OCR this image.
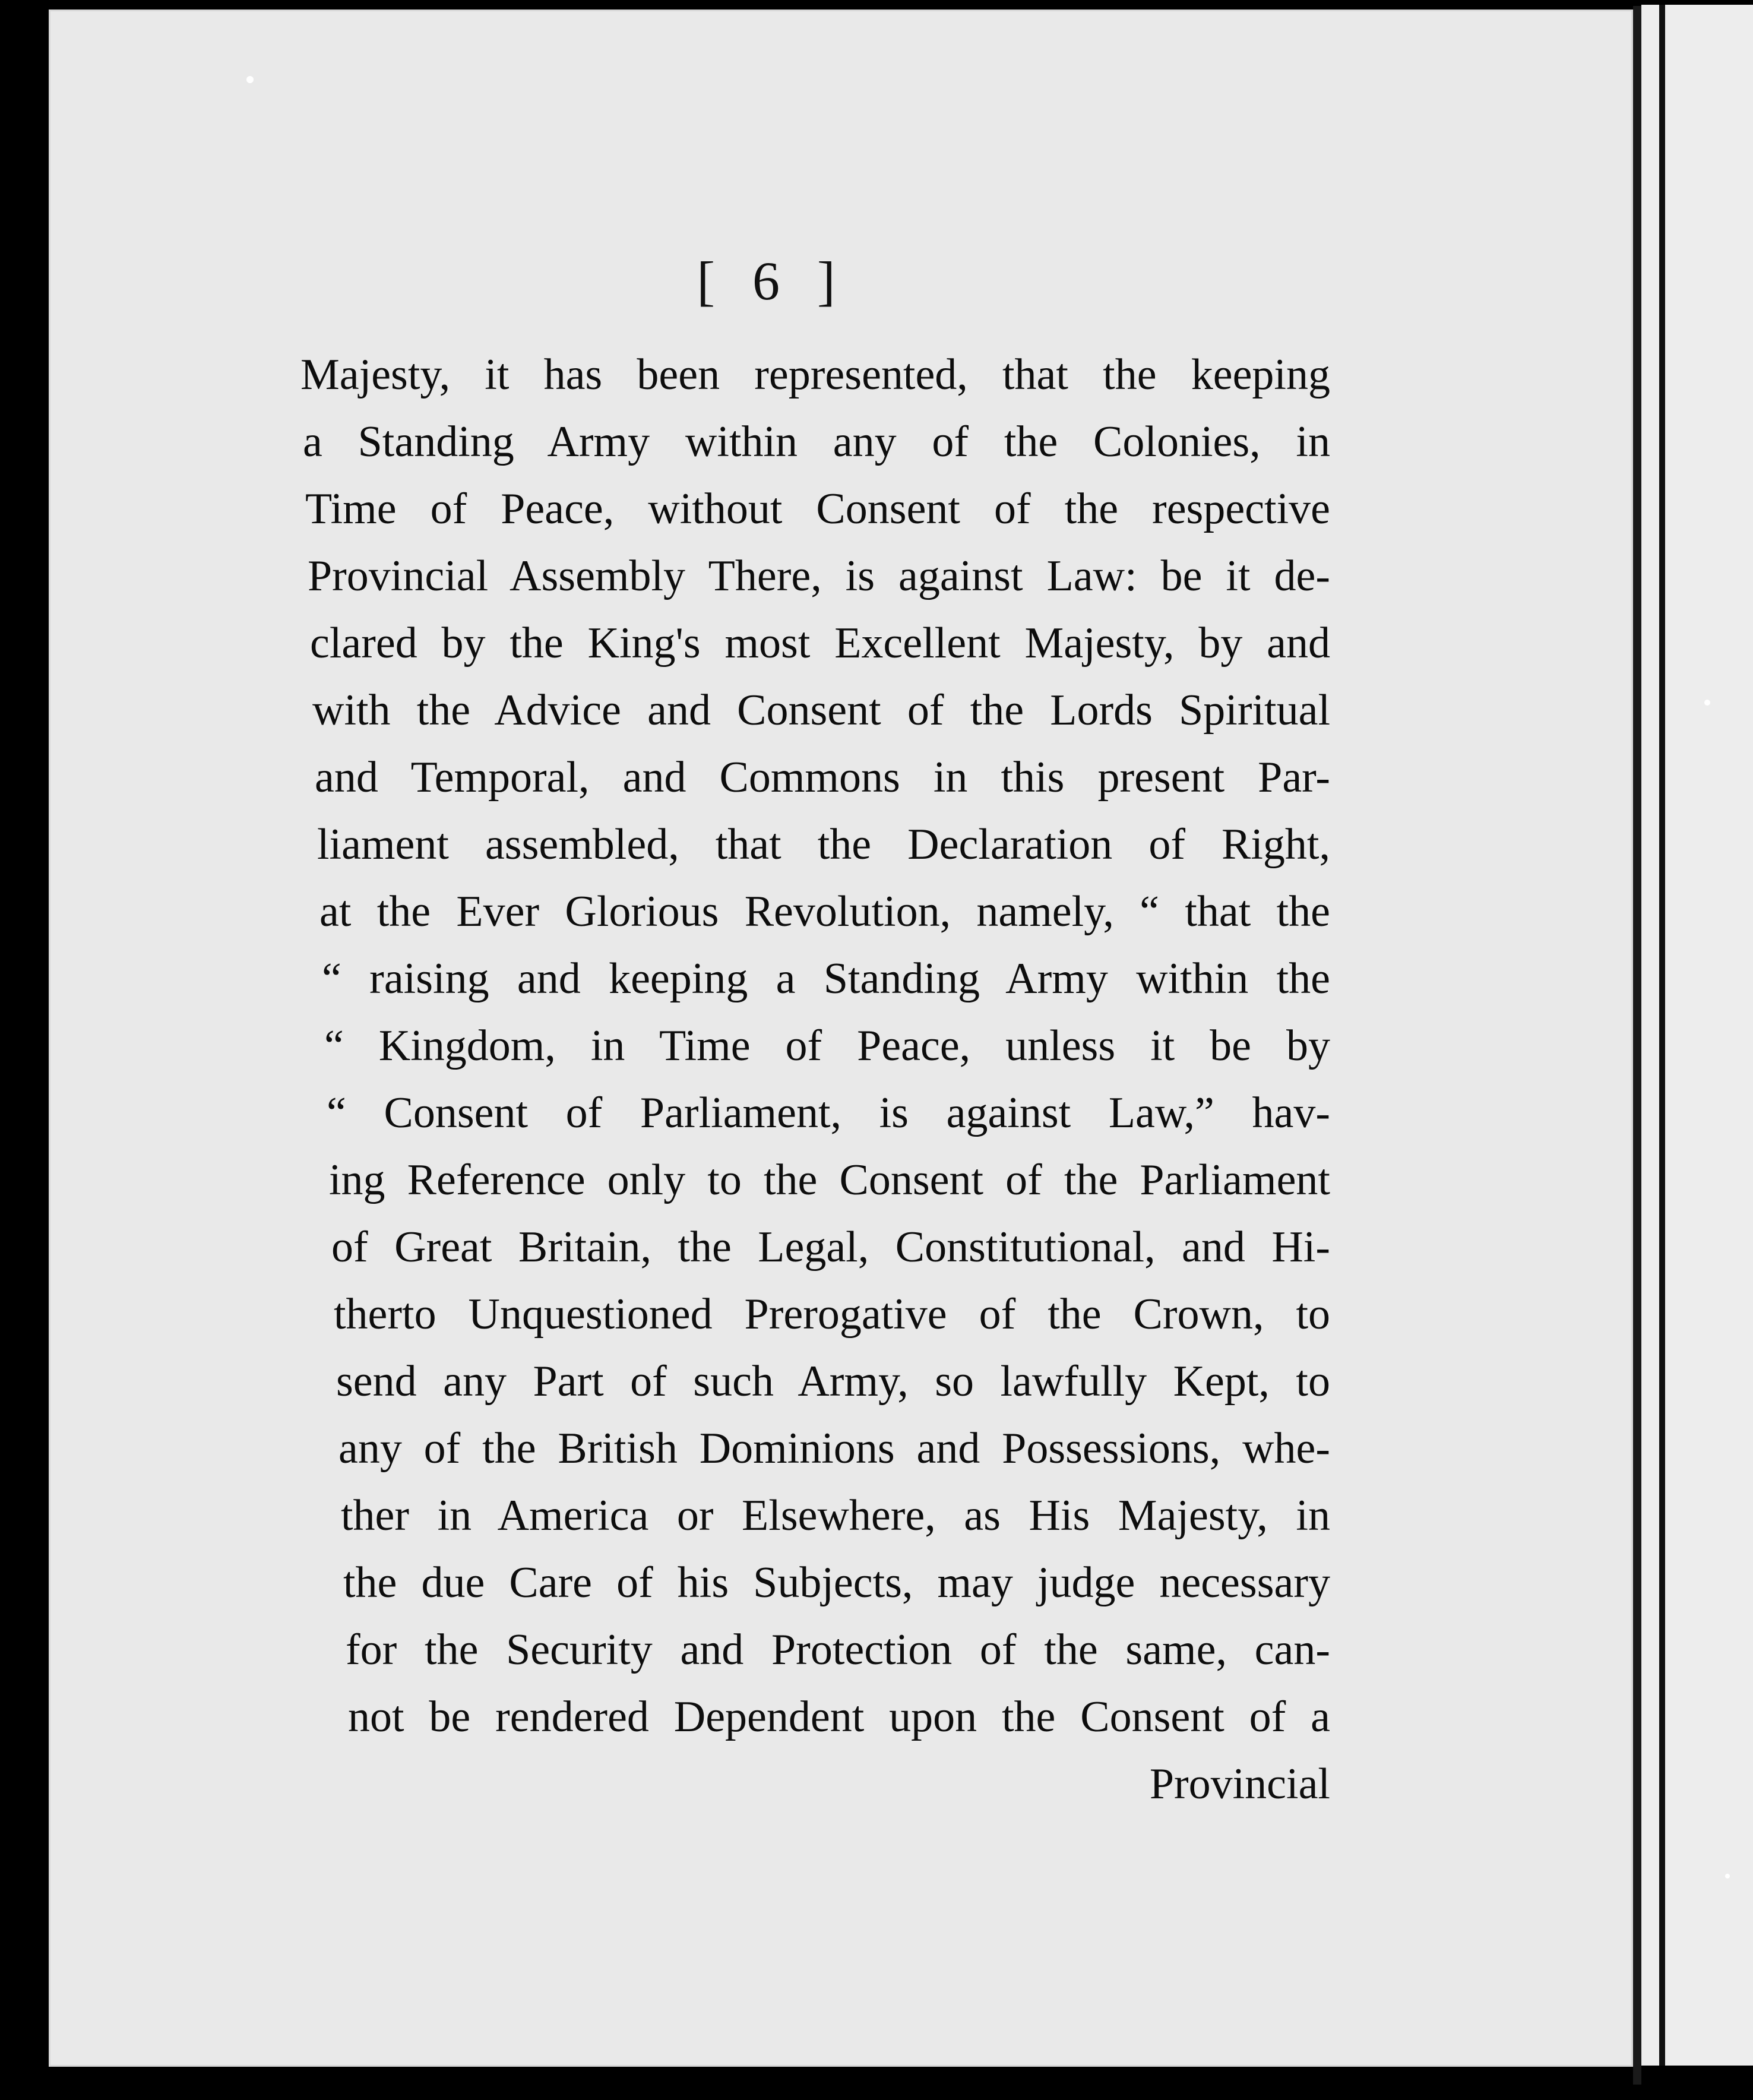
[ 6 ]
Majesty, it has been represented, that the keeping
a Standing Army within any of the Colonies, in
Time of Peace, without Consent of the respective
Provincial Assembly There, is against Law: be it de-
clared by the King's most Excellent Majesty, by and
with the Advice and Consent of the Lords Spiritual
and Temporal, and Commons in this present Par-
liament assembled, that the Declaration of Right,
at the Ever Glorious Revolution, namely, “ that the
“ raising and keeping a Standing Army within the
“ Kingdom, in Time of Peace, unless it be by
“ Consent of Parliament, is against Law,” hav-
ing Reference only to the Consent of the Parliament
of Great Britain, the Legal, Constitutional, and Hi-
therto Unquestioned Prerogative of the Crown, to
send any Part of such Army, so lawfully Kept, to
any of the British Dominions and Possessions, whe-
ther in America or Elsewhere, as His Majesty, in
the due Care of his Subjects, may judge necessary
for the Security and Protection of the same, can-
not be rendered Dependent upon the Consent of a
Provincial
